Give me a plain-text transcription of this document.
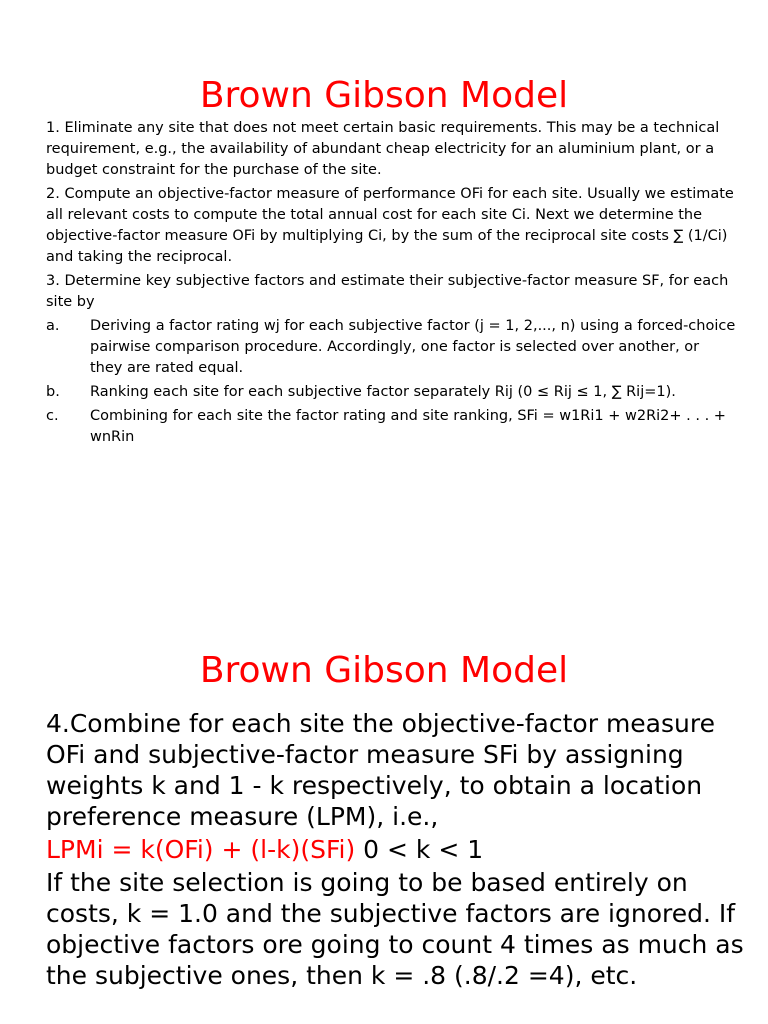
Brown Gibson Model

1. Eliminate any site that does not meet certain basic requirements. This may be a technical requirement, e.g., the availability of abundant cheap electricity for an aluminium plant, or a budget constraint for the purchase of the site.

2. Compute an objective-factor measure of performance OFi for each site. Usually we estimate all relevant costs to compute the total annual cost for each site Ci. Next we determine the objective-factor measure OFi by multiplying Ci, by the sum of the reciprocal site costs ∑ (1/Ci) and taking the reciprocal.

3. Determine key subjective factors and estimate their subjective-factor measure SF, for each site by

a.	Deriving a factor rating wj for each subjective factor (j = 1, 2,..., n) using a forced-choice pairwise comparison procedure. Accordingly, one factor is selected over another, or they are rated equal.
b.	Ranking each site for each subjective factor separately Rij (0 ≤ Rij ≤ 1, ∑ Rij=1).
c.	Combining for each site the factor rating and site ranking, SFi = w1Ri1 + w2Ri2+ . . . + wnRin
Brown Gibson Model

4.Combine for each site the objective-factor measure OFi and subjective-factor measure SFi by assigning weights k and 1 - k respectively, to obtain a location preference measure (LPM), i.e.,

LPMi = k(OFi) + (l-k)(SFi) 0 < k < 1

If the site selection is going to be based entirely on costs, k = 1.0 and the subjective factors are ignored. If objective factors ore going to count 4 times as much as the subjective ones, then k = .8 (.8/.2 =4), etc.
